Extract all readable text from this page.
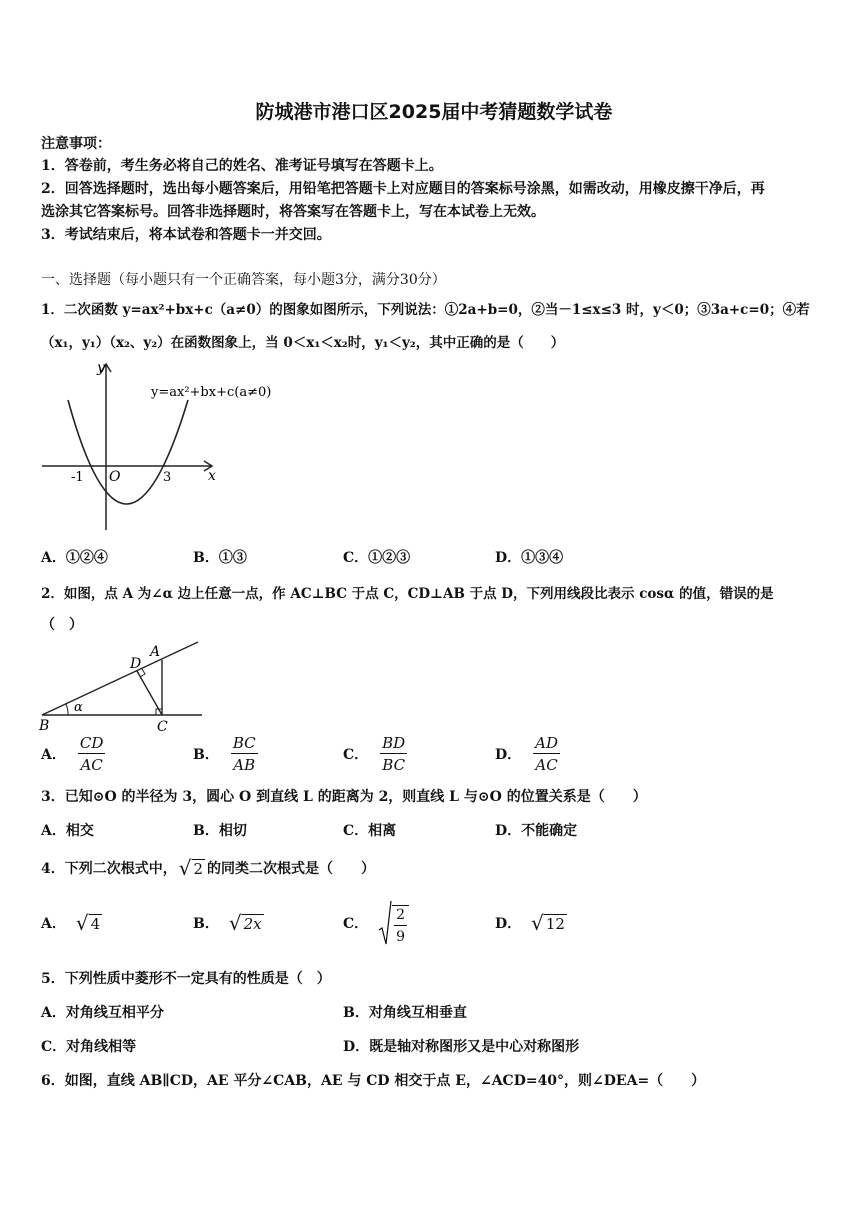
防城港市港口区2025届中考猜题数学试卷
注意事项：
1．答卷前，考生务必将自己的姓名、准考证号填写在答题卡上。
2．回答选择题时，选出每小题答案后，用铅笔把答题卡上对应题目的答案标号涂黑，如需改动，用橡皮擦干净后，再
选涂其它答案标号。回答非选择题时，将答案写在答题卡上，写在本试卷上无效。
3．考试结束后，将本试卷和答题卡一并交回。
一、选择题（每小题只有一个正确答案，每小题3分，满分30分）
1．二次函数 y=ax²+bx+c（a≠0）的图象如图所示，下列说法：①2a+b=0，②当－1≤x≤3 时，y＜0；③3a+c=0；④若
（x₁，y₁）（x₂、y₂）在函数图象上，当 0＜x₁＜x₂时，y₁＜y₂，其中正确的是（　　）
y
x
O
-1	3
y=ax²+bx+c(a≠0)
A．①②④	B．①③	C．①②③	D．①③④
2．如图，点 A 为∠α 边上任意一点，作 AC⊥BC 于点 C，CD⊥AB 于点 D，下列用线段比表示 cosα 的值，错误的是
（　）
A
B	C
D
α
A． $\frac{CD}{AC}$	B． $\frac{BC}{AB}$	C． $\frac{BD}{BC}$	D． $\frac{AD}{AC}$
3．已知⊙O 的半径为 3，圆心 O 到直线 L 的距离为 2，则直线 L 与⊙O 的位置关系是（　　）
A．相交	B．相切	C．相离	D．不能确定
4．下列二次根式中， √ 2 的同类二次根式是（　　）
A． √ 4	B． √ 2x	C． $\frac{2}{9}$	D． √ 12
5．下列性质中菱形不一定具有的性质是（　）
A．对角线互相平分	B．对角线互相垂直
C．对角线相等	D．既是轴对称图形又是中心对称图形
6．如图，直线 AB∥CD，AE 平分∠CAB，AE 与 CD 相交于点 E，∠ACD=40°，则∠DEA=（　　）
